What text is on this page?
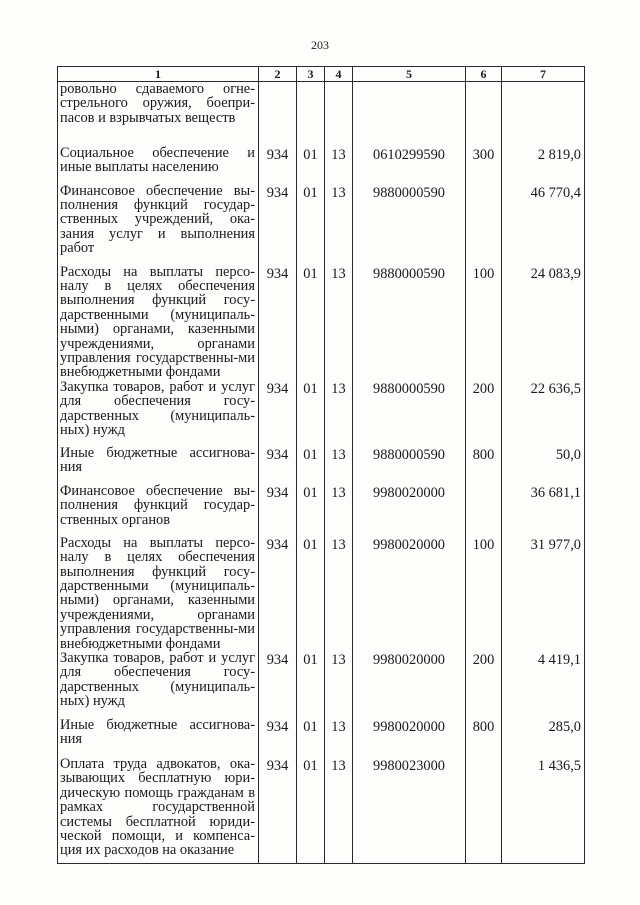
203
1	2	3	4	5	6	7
ровольно сдаваемого огне-стрельного оружия, боепри-пасов и взрывчатых веществ						
Социальное обеспечение и иные выплаты населению	934	01	13	0610299590	300	2 819,0
Финансовое обеспечение вы-полнения функций государ-ственных учреждений, ока-зания услуг и выполнения работ	934	01	13	9880000590		46 770,4
Расходы на выплаты персо-налу в целях обеспечения выполнения функций госу-дарственными (муниципаль-ными) органами, казенными учреждениями, органами управления государственны-ми внебюджетными фондами	934	01	13	9880000590	100	24 083,9
Закупка товаров, работ и услуг для обеспечения госу-дарственных (муниципаль-ных) нужд	934	01	13	9880000590	200	22 636,5
Иные бюджетные ассигнова-ния	934	01	13	9880000590	800	50,0
Финансовое обеспечение вы-полнения функций государ-ственных органов	934	01	13	9980020000		36 681,1
Расходы на выплаты персо-налу в целях обеспечения выполнения функций госу-дарственными (муниципаль-ными) органами, казенными учреждениями, органами управления государственны-ми внебюджетными фондами	934	01	13	9980020000	100	31 977,0
Закупка товаров, работ и услуг для обеспечения госу-дарственных (муниципаль-ных) нужд	934	01	13	9980020000	200	4 419,1
Иные бюджетные ассигнова-ния	934	01	13	9980020000	800	285,0
Оплата труда адвокатов, ока-зывающих бесплатную юри-дическую помощь гражданам в рамках государственной системы бесплатной юриди-ческой помощи, и компенса-ция их расходов на оказание	934	01	13	9980023000		1 436,5
